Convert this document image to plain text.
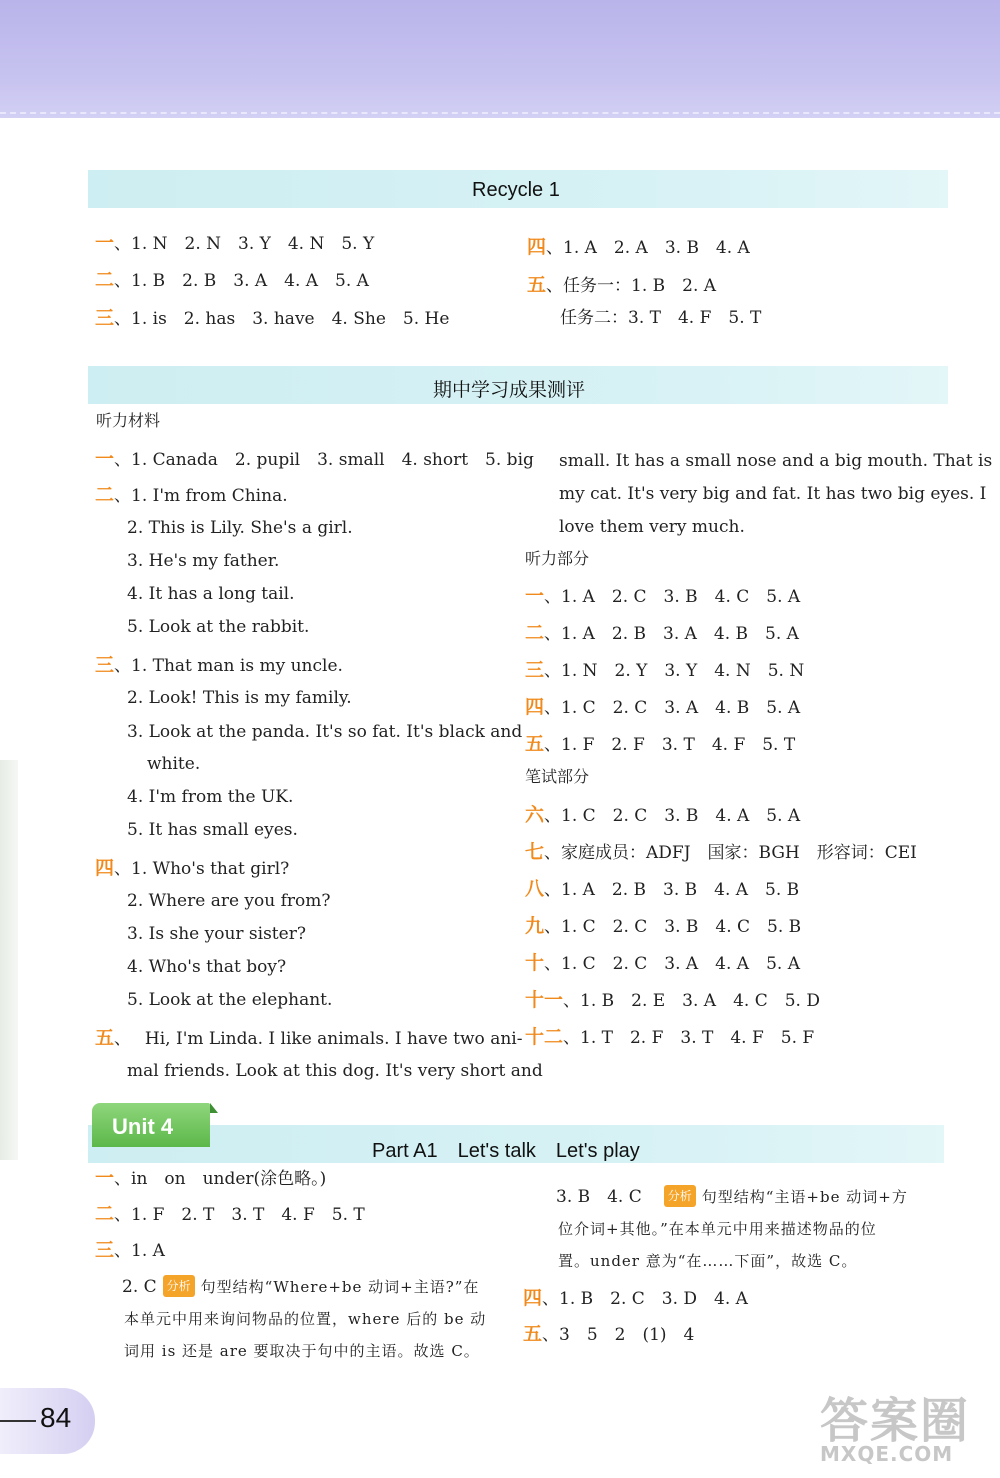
Recycle 1
一、1. N　2. N　3. Y　4. N　5. Y
二、1. B　2. B　3. A　4. A　5. A
三、1. is　2. has　3. have　4. She　5. He
四、1. A　2. A　3. B　4. A
五、任务一：1. B　2. A
任务二：3. T　4. F　5. T
期中学习成果测评
听力材料
一、1. Canada　2. pupil　3. small　4. short　5. big
二、1. I'm from China.
2. This is Lily. She's a girl.
3. He's my father.
4. It has a long tail.
5. Look at the rabbit.
三、1. That man is my uncle.
2. Look! This is my family.
3. Look at the panda. It's so fat. It's black and
white.
4. I'm from the UK.
5. It has small eyes.
四、1. Who's that girl?
2. Where are you from?
3. Is she your sister?
4. Who's that boy?
5. Look at the elephant.
五、　 Hi, I'm Linda. I like animals. I have two ani-
mal friends. Look at this dog. It's very short and
small. It has a small nose and a big mouth. That is
my cat. It's very big and fat. It has two big eyes. I
love them very much.
听力部分
一、1. A　2. C　3. B　4. C　5. A
二、1. A　2. B　3. A　4. B　5. A
三、1. N　2. Y　3. Y　4. N　5. N
四、1. C　2. C　3. A　4. B　5. A
五、1. F　2. F　3. T　4. F　5. T
笔试部分
六、1. C　2. C　3. B　4. A　5. A
七、家庭成员：ADFJ　国家：BGH　形容词：CEI
八、1. A　2. B　3. B　4. A　5. B
九、1. C　2. C　3. B　4. C　5. B
十、1. C　2. C　3. A　4. A　5. A
十一、1. B　2. E　3. A　4. C　5. D
十二、1. T　2. F　3. T　4. F　5. F
Part A1　Let's talk　Let's play
Unit 4
一、in　on　under(涂色略。)
二、1. F　2. T　3. T　4. F　5. T
三、1. A
2. C 分析 句型结构“Where+be 动词+主语?”在
本单元中用来询问物品的位置，where 后的 be 动
词用 is 还是 are 要取决于句中的主语。故选 C。
3. B　4. C 分析 句型结构“主语+be 动词+方
位介词+其他。”在本单元中用来描述物品的位
置。under 意为“在……下面”，故选 C。
四、1. B　2. C　3. D　4. A
五、3　5　2　(1)　4
84	答案圈
MXQE.COM
